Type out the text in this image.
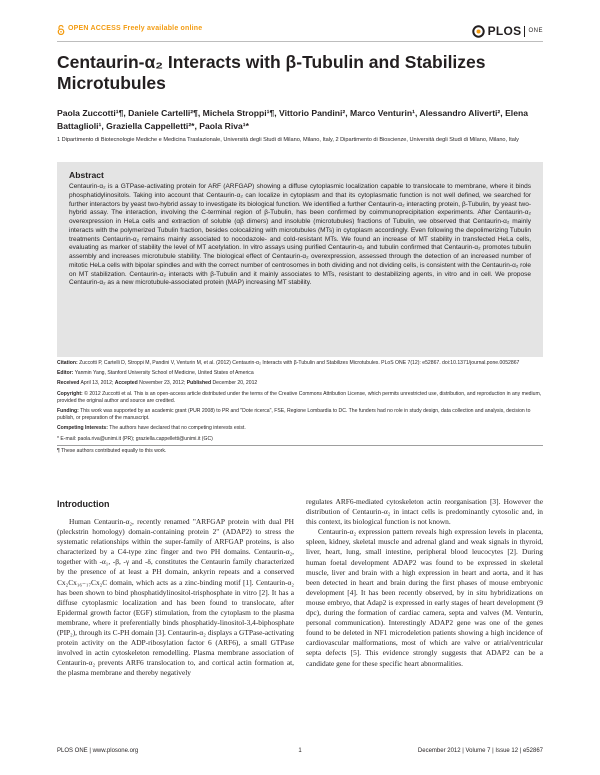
OPEN ACCESS Freely available online	PLOS ONE
Centaurin-α₂ Interacts with β-Tubulin and Stabilizes Microtubules
Paola Zuccotti¹¶, Daniele Cartelli²¶, Michela Stroppi¹¶, Vittorio Pandini², Marco Venturin¹, Alessandro Aliverti², Elena Battaglioli¹, Graziella Cappelletti²*, Paola Riva¹*
1 Dipartimento di Biotecnologie Mediche e Medicina Traslazionale, Università degli Studi di Milano, Milano, Italy, 2 Dipartimento di Bioscienze, Università degli Studi di Milano, Milano, Italy
Abstract

Centaurin-α₂ is a GTPase-activating protein for ARF (ARFGAP) showing a diffuse cytoplasmic localization capable to translocate to membrane, where it binds phosphatidylinositols. Taking into account that Centaurin-α₂ can localize in cytoplasm and that its cytoplasmatic function is not well defined, we searched for further interactors by yeast two-hybrid assay to investigate its biological function. We identified a further Centaurin-α₂ interacting protein, β-Tubulin, by yeast two-hybrid assay. The interaction, involving the C-terminal region of β-Tubulin, has been confirmed by coimmunoprecipitation experiments. After Centaurin-α₂ overexpression in HeLa cells and extraction of soluble (αβ dimers) and insoluble (microtubules) fractions of Tubulin, we observed that Centaurin-α₂ mainly interacts with the polymerized Tubulin fraction, besides colocalizing with microtubules (MTs) in cytoplasm accordingly. Even following the depolimerizing Tubulin treatments Centaurin-α₂ remains mainly associated to nocodazole- and cold-resistant MTs. We found an increase of MT stability in transfected HeLa cells, evaluating as marker of stability the level of MT acetylation. In vitro assays using purified Centaurin-α₂ and tubulin confirmed that Centaurin-α₂ promotes tubulin assembly and increases microtubule stability. The biological effect of Centaurin-α₂ overexpression, assessed through the detection of an increased number of mitotic HeLa cells with bipolar spindles and with the correct number of centrosomes in both dividing and not dividing cells, is consistent with the Centaurin-α₂ role on MT stabilization. Centaurin-α₂ interacts with β-Tubulin and it mainly associates to MTs, resistant to destabilizing agents, in vitro and in cell. We propose Centaurin-α₂ as a new microtubule-associated protein (MAP) increasing MT stability.

Citation: Zuccotti P, Cartelli D, Stroppi M, Pandini V, Venturin M, et al. (2012) Centaurin-α₂ Interacts with β-Tubulin and Stabilizes Microtubules. PLoS ONE 7(12): e52867. doi:10.1371/journal.pone.0052867
Editor: Yanmin Yang, Stanford University School of Medicine, United States of America
Received April 13, 2012; Accepted November 23, 2012; Published December 20, 2012
Copyright: © 2012 Zuccotti et al. This is an open-access article distributed under the terms of the Creative Commons Attribution License, which permits unrestricted use, distribution, and reproduction in any medium, provided the original author and source are credited.
Funding: This work was supported by an academic grant (PUR 2008) to PR and "Dote ricerca", FSE, Regione Lombardia to DC. The funders had no role in study design, data collection and analysis, decision to publish, or preparation of the manuscript.
Competing Interests: The authors have declared that no competing interests exist.
* E-mail: paola.riva@unimi.it (PR); graziella.cappelletti@unimi.it (GC)
¶ These authors contributed equally to this work.
Introduction

Human Centaurin-α₂, recently renamed "ARFGAP protein with dual PH (pleckstrin homology) domain-containing protein 2" (ADAP2) to stress the systematic relationships within the super-family of ARFGAP proteins, is also characterized by a C4-type zinc finger and two PH domains. Centaurin-α₂, together with -α₁, -β, -γ and -δ, constitutes the Centaurin family characterized by the presence of at least a PH domain, ankyrin repeats and a conserved Cx₂Cx₁₆₋₁₇Cx₂C domain, which acts as a zinc-binding motif [1]. Centaurin-α₂ has been shown to bind phosphatidylinositol-trisphosphate in vitro [2]. It has a diffuse cytoplasmic localization and has been found to translocate, after Epidermal growth factor (EGF) stimulation, from the cytoplasm to the plasma membrane, where it preferentially binds phosphatidy-linositol-3,4-biphosphate (PIP₂), through its C-PH domain [3]. Centaurin-α₂ displays a GTPase-activating protein activity on the ADP-ribosylation factor 6 (ARF6), a small GTPase involved in actin cytoskeleton remodelling. Plasma membrane association of Centaurin-α₂ prevents ARF6 translocation to, and cortical actin formation at, the plasma membrane and thereby negatively

regulates ARF6-mediated cytoskeleton actin reorganisation [3]. However the distribution of Centaurin-α₂ in intact cells is predominantly cytosolic and, in this context, its biological function is not known.

Centaurin-α₂ expression pattern reveals high expression levels in placenta, spleen, kidney, skeletal muscle and adrenal gland and weak signals in thyroid, liver, heart, lung, small intestine, peripheral blood leucocytes [2]. During human foetal development ADAP2 was found to be expressed in skeletal muscle, liver and brain with a high expression in heart and aorta, and it has been detected in heart and brain during the first phases of mouse embryonic development [4]. It has been recently observed, by in situ hybridizations on mouse embryo, that Adap2 is expressed in early stages of heart development (9 dpc), during the formation of cardiac camera, septa and valves (M. Venturin, personal communication). Interestingly ADAP2 gene was one of the genes found to be deleted in NF1 microdeletion patients showing a high incidence of cardiovascular malformations, most of which are valve or atrial/ventricular septa defects [5]. This evidence strongly suggests that ADAP2 can be a candidate gene for these specific heart abnormalities.

PLOS ONE | www.plosone.org	1	December 2012 | Volume 7 | Issue 12 | e52867
